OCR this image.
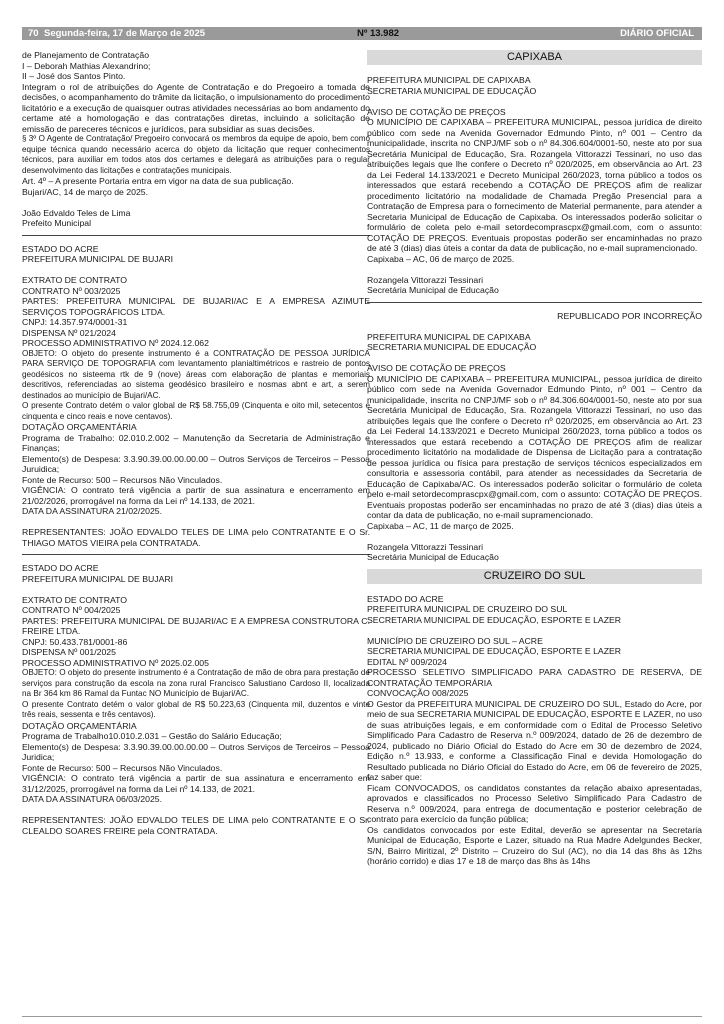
70 Segunda-feira, 17 de Março de 2025	Nº 13.982	DIÁRIO OFICIAL

de Planejamento de Contratação

I – Deborah Mathias Alexandrino;

II – José dos Santos Pinto.

Integram o rol de atribuições do Agente de Contratação e do Pregoeiro a tomada de decisões, o acompanhamento do trâmite da licitação, o impulsionamento do procedimento licitatório e a execução de quaisquer outras atividades necessárias ao bom andamento do certame até a homologação e das contratações diretas, incluindo a solicitação de emissão de pareceres técnicos e jurídicos, para subsidiar as suas decisões.

§ 3º O Agente de Contratação/ Pregoeiro convocará os membros da equipe de apoio, bem como equipe técnica quando necessário acerca do objeto da licitação que requer conhecimentos técnicos, para auxiliar em todos atos dos certames e delegará as atribuições para o regular desenvolvimento das licitações e contratações municipais.

Art. 4º – A presente Portaria entra em vigor na data de sua publicação.

Bujari/AC, 14 de março de 2025.

João Edvaldo Teles de Lima

Prefeito Municipal

ESTADO DO ACRE

PREFEITURA MUNICIPAL DE BUJARI

EXTRATO DE CONTRATO

CONTRATO Nº 003/2025

PARTES: PREFEITURA MUNICIPAL DE BUJARI/AC E A EMPRESA AZIMUTE SERVIÇOS TOPOGRÁFICOS LTDA.

CNPJ: 14.357.974/0001-31

DISPENSA Nº 021/2024

PROCESSO ADMINISTRATIVO Nº 2024.12.062

OBJETO: O objeto do presente instrumento é a CONTRATAÇÃO DE PESSOA JURÍDICA PARA SERVIÇO DE TOPOGRAFIA com levantamento planialtimétricos e rastreio de pontos geodésicos no sisteema rtk de 9 (nove) áreas com elaboração de plantas e memoriais descritivos, referenciadas ao sistema geodésico brasileiro e nosmas abnt e art, a serem destinados ao município de Bujari/AC.

O presente Contrato detém o valor global de R$ 58.755,09 (Cinquenta e oito mil, setecentos e cinquenta e cinco reais e nove centavos).

DOTAÇÃO ORÇAMENTÁRIA

Programa de Trabalho: 02.010.2.002 – Manutenção da Secretaria de Administração e Finanças;

Elemento(s) de Despesa: 3.3.90.39.00.00.00.00 – Outros Serviços de Terceiros – Pessoa Juruidica;

Fonte de Recurso: 500 – Recursos Não Vinculados.

VIGÊNCIA: O contrato terá vigência a partir de sua assinatura e encerramento em 21/02/2026, prorrogável na forma da Lei nº 14.133, de 2021.

DATA DA ASSINATURA 21/02/2025.

REPRESENTANTES: JOÃO EDVALDO TELES DE LIMA pelo CONTRATANTE E O Sr. THIAGO MATOS VIEIRA pela CONTRATADA.

ESTADO DO ACRE

PREFEITURA MUNICIPAL DE BUJARI

EXTRATO DE CONTRATO

CONTRATO Nº 004/2025

PARTES: PREFEITURA MUNICIPAL DE BUJARI/AC E A EMPRESA CONSTRUTORA C. FREIRE LTDA.

CNPJ: 50.433.781/0001-86

DISPENSA Nº 001/2025

PROCESSO ADMINISTRATIVO Nº 2025.02.005

OBJETO: O objeto do presente instrumento é a Contratação de mão de obra para prestação de serviços para construção da escola na zona rural Francisco Salustiano Cardoso II, localizada na Br 364 km 86 Ramal da Funtac NO Município de Bujari/AC.

O presente Contrato detém o valor global de R$ 50.223,63 (Cinquenta mil, duzentos e vinte três reais, sessenta e três centavos).

DOTAÇÃO ORÇAMENTÁRIA

Programa de Trabalho10.010.2.031 – Gestão do Salário Educação;

Elemento(s) de Despesa: 3.3.90.39.00.00.00.00 – Outros Serviços de Terceiros – Pessoa Juridica;

Fonte de Recurso: 500 – Recursos Não Vinculados.

VIGÊNCIA: O contrato terá vigência a partir de sua assinatura e encerramento em 31/12/2025, prorrogável na forma da Lei nº 14.133, de 2021.

DATA DA ASSINATURA 06/03/2025.

REPRESENTANTES: JOÃO EDVALDO TELES DE LIMA pelo CONTRATANTE E O Sr. CLEALDO SOARES FREIRE pela CONTRATADA.

CAPIXABA

PREFEITURA MUNICIPAL DE CAPIXABA

SECRETARIA MUNICIPAL DE EDUCAÇÃO

AVISO DE COTAÇÃO DE PREÇOS

O MUNICÍPIO DE CAPIXABA – PREFEITURA MUNICIPAL, pessoa jurídica de direito público com sede na Avenida Governador Edmundo Pinto, nº 001 – Centro da municipalidade, inscrita no CNPJ/MF sob o nº 84.306.604/0001-50, neste ato por sua Secretária Municipal de Educação, Sra. Rozangela Vittorazzi Tessinari, no uso das atribuições legais que lhe confere o Decreto nº 020/2025, em observância ao Art. 23 da Lei Federal 14.133/2021 e Decreto Municipal 260/2023, torna público a todos os interessados que estará recebendo a COTAÇÃO DE PREÇOS afim de realizar procedimento licitatório na modalidade de Chamada Pregão Presencial para a Contratação de Empresa para o fornecimento de Material permanente, para atender a Secretaria Municipal de Educação de Capixaba. Os interessados poderão solicitar o formulário de coleta pelo e-mail setordecomprascpx@gmail.com, com o assunto: COTAÇÃO DE PREÇOS. Eventuais propostas poderão ser encaminhadas no prazo de até 3 (dias) dias úteis a contar da data de publicação, no e-mail supramencionado.

Capixaba – AC, 06 de março de 2025.

Rozangela Vittorazzi Tessinari

Secretária Municipal de Educação

REPUBLICADO POR INCORREÇÃO

PREFEITURA MUNICIPAL DE CAPIXABA

SECRETARIA MUNICIPAL DE EDUCAÇÃO

AVISO DE COTAÇÃO DE PREÇOS

O MUNICÍPIO DE CAPIXABA – PREFEITURA MUNICIPAL, pessoa jurídica de direito público com sede na Avenida Governador Edmundo Pinto, nº 001 – Centro da municipalidade, inscrita no CNPJ/MF sob o nº 84.306.604/0001-50, neste ato por sua Secretária Municipal de Educação, Sra. Rozangela Vittorazzi Tessinari, no uso das atribuições legais que lhe confere o Decreto nº 020/2025, em observância ao Art. 23 da Lei Federal 14.133/2021 e Decreto Municipal 260/2023, torna público a todos os interessados que estará recebendo a COTAÇÃO DE PREÇOS afim de realizar procedimento licitatório na modalidade de Dispensa de Licitação para a contratação de pessoa jurídica ou física para prestação de serviços técnicos especializados em consultoria e assessoria contábil, para atender as necessidades da Secretaria de Educação de Capixaba/AC. Os interessados poderão solicitar o formulário de coleta pelo e-mail setordecomprascpx@gmail.com, com o assunto: COTAÇÃO DE PREÇOS. Eventuais propostas poderão ser encaminhadas no prazo de até 3 (dias) dias úteis a contar da data de publicação, no e-mail supramencionado.

Capixaba – AC, 11 de março de 2025.

Rozangela Vittorazzi Tessinari

Secretária Municipal de Educação

CRUZEIRO DO SUL

ESTADO DO ACRE

PREFEITURA MUNICIPAL DE CRUZEIRO DO SUL

SECRETARIA MUNICIPAL DE EDUCAÇÃO, ESPORTE E LAZER

MUNICÍPIO DE CRUZEIRO DO SUL – ACRE

SECRETARIA MUNICIPAL DE EDUCAÇÃO, ESPORTE E LAZER

EDITAL Nº 009/2024

PROCESSO SELETIVO SIMPLIFICADO PARA CADASTRO DE RESERVA, DE CONTRATAÇÃO TEMPORÁRIA

CONVOCAÇÃO 008/2025

O Gestor da PREFEITURA MUNICIPAL DE CRUZEIRO DO SUL, Estado do Acre, por meio de sua SECRETARIA MUNICIPAL DE EDUCAÇÃO, ESPORTE E LAZER, no uso de suas atribuições legais, e em conformidade com o Edital de Processo Seletivo Simplificado Para Cadastro de Reserva n.º 009/2024, datado de 26 de dezembro de 2024, publicado no Diário Oficial do Estado do Acre em 30 de dezembro de 2024, Edição n.º 13.933, e conforme a Classificação Final e devida Homologação do Resultado publicada no Diário Oficial do Estado do Acre, em 06 de fevereiro de 2025, faz saber que:

Ficam CONVOCADOS, os candidatos constantes da relação abaixo apresentadas, aprovados e classificados no Processo Seletivo Simplificado Para Cadastro de Reserva n.º 009/2024, para entrega de documentação e posterior celebração de contrato para exercício da função pública;

Os candidatos convocados por este Edital, deverão se apresentar na Secretaria Municipal de Educação, Esporte e Lazer, situado na Rua Madre Adelgundes Becker, S/N, Bairro Miritizal, 2º Distrito – Cruzeiro do Sul (AC), no dia 14 das 8hs às 12hs (horário corrido) e dias 17 e 18 de março das 8hs às 14hs
